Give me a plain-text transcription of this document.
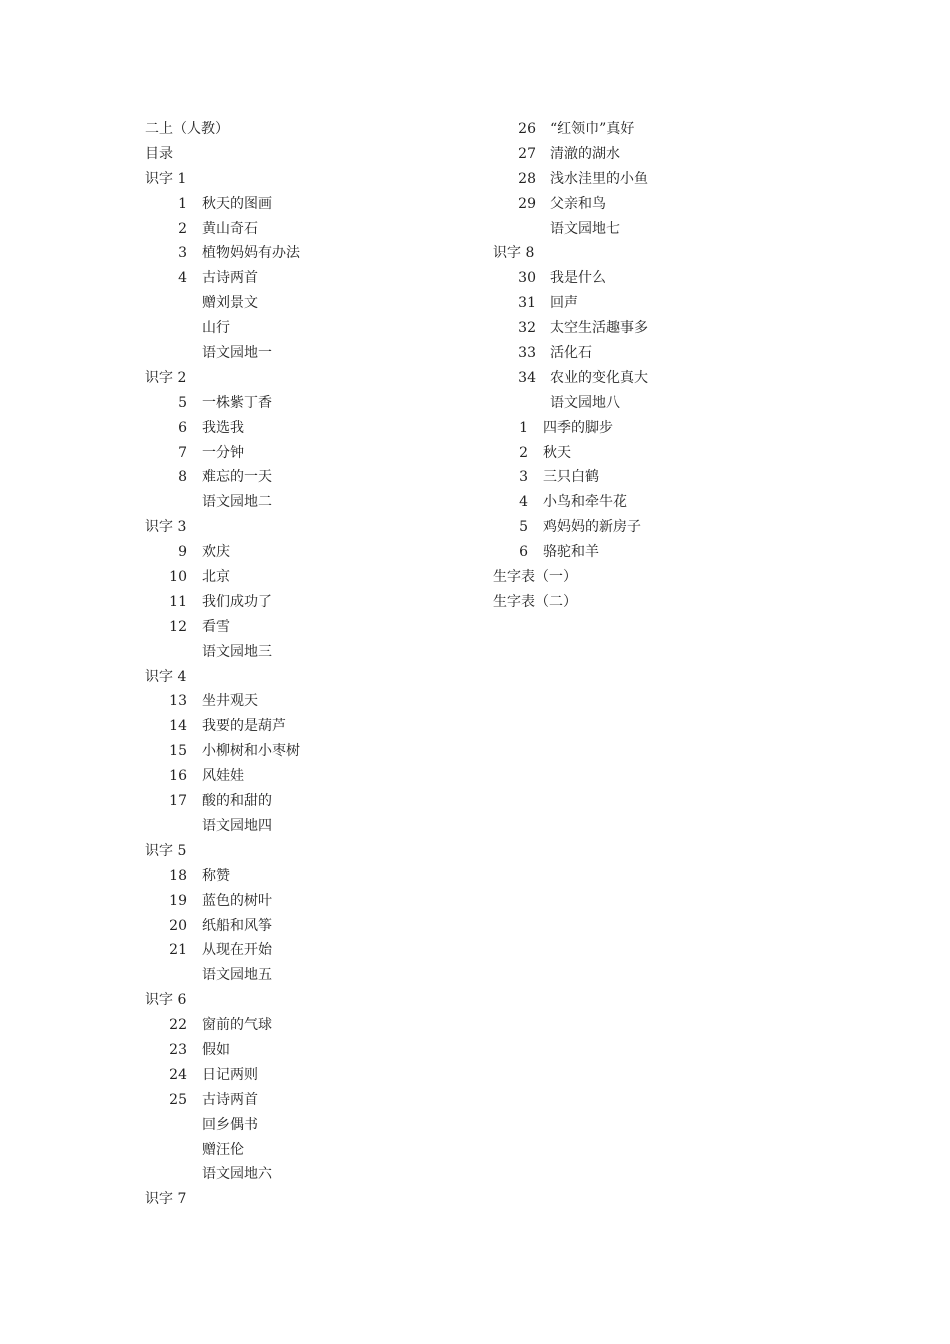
二上（人教）
目录
识字 1
1 秋天的图画
2 黄山奇石
3 植物妈妈有办法
4 古诗两首
赠刘景文
山行
语文园地一
识字 2
5 一株紫丁香
6 我选我
7 一分钟
8 难忘的一天
语文园地二
识字 3
9 欢庆
10 北京
11 我们成功了
12 看雪
语文园地三
识字 4
13 坐井观天
14 我要的是葫芦
15 小柳树和小枣树
16 风娃娃
17 酸的和甜的
语文园地四
识字 5
18 称赞
19 蓝色的树叶
20 纸船和风筝
21 从现在开始
语文园地五
识字 6
22 窗前的气球
23 假如
24 日记两则
25 古诗两首
回乡偶书
赠汪伦
语文园地六
识字 7
26 “红领巾”真好
27 清澈的湖水
28 浅水洼里的小鱼
29 父亲和鸟
语文园地七
识字 8
30 我是什么
31 回声
32 太空生活趣事多
33 活化石
34 农业的变化真大
语文园地八
1 四季的脚步
2 秋天
3 三只白鹤
4 小鸟和牵牛花
5 鸡妈妈的新房子
6 骆驼和羊
生字表（一）
生字表（二）
